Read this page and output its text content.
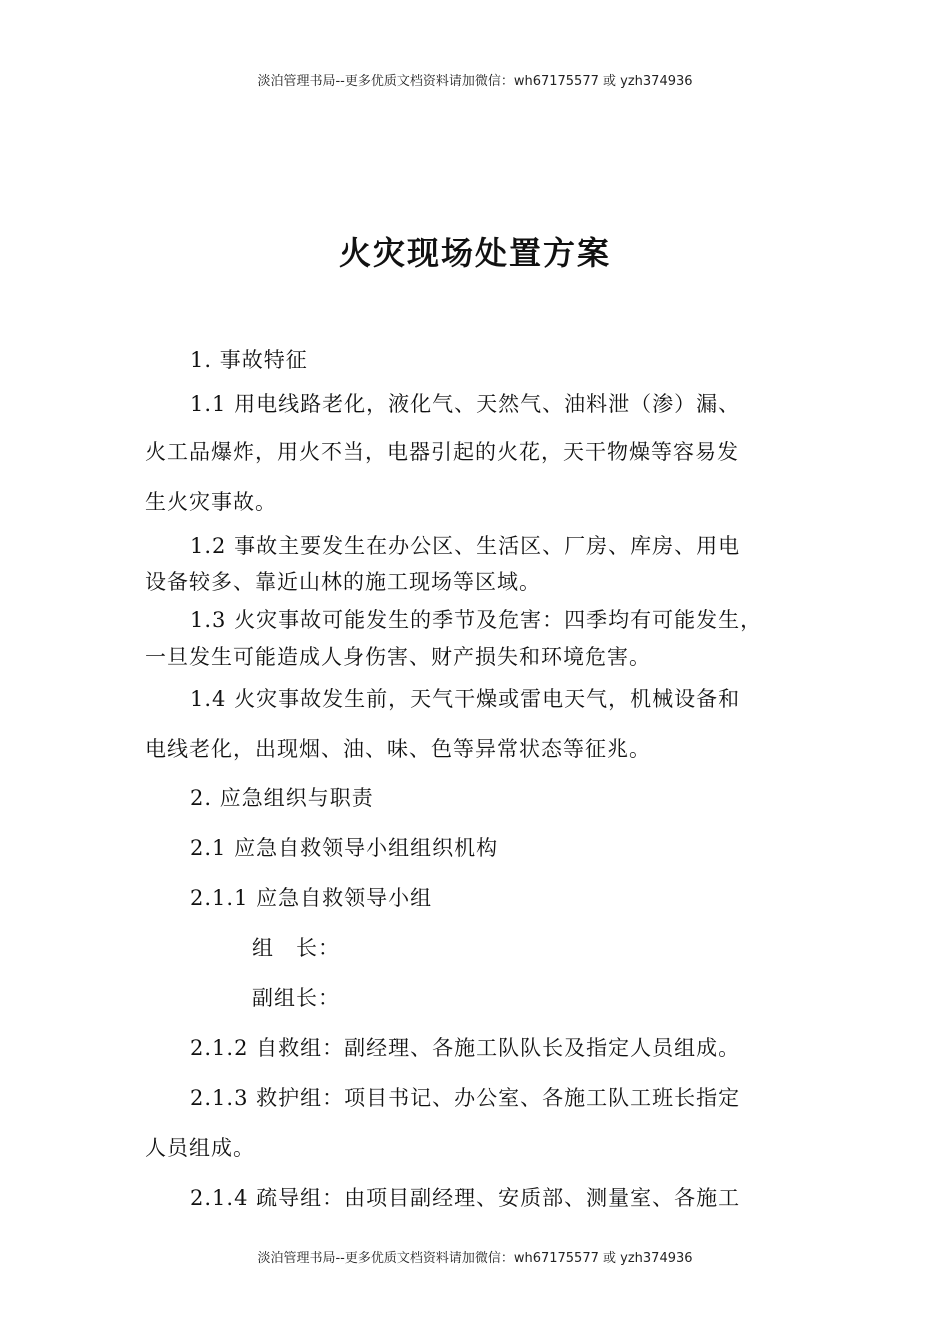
淡泊管理书局--更多优质文档资料请加微信：wh67175577 或 yzh374936
火灾现场处置方案
1. 事故特征
1.1 用电线路老化，液化气、天然气、油料泄（渗）漏、
火工品爆炸，用火不当，电器引起的火花，天干物燥等容易发
生火灾事故。
1.2 事故主要发生在办公区、生活区、厂房、库房、用电
设备较多、靠近山林的施工现场等区域。
1.3 火灾事故可能发生的季节及危害：四季均有可能发生，
一旦发生可能造成人身伤害、财产损失和环境危害。
1.4 火灾事故发生前，天气干燥或雷电天气，机械设备和
电线老化，出现烟、油、味、色等异常状态等征兆。
2. 应急组织与职责
2.1 应急自救领导小组组织机构
2.1.1 应急自救领导小组
组　长：
副组长：
2.1.2 自救组：副经理、各施工队队长及指定人员组成。
2.1.3 救护组：项目书记、办公室、各施工队工班长指定
人员组成。
2.1.4 疏导组：由项目副经理、安质部、测量室、各施工
淡泊管理书局--更多优质文档资料请加微信：wh67175577 或 yzh374936
